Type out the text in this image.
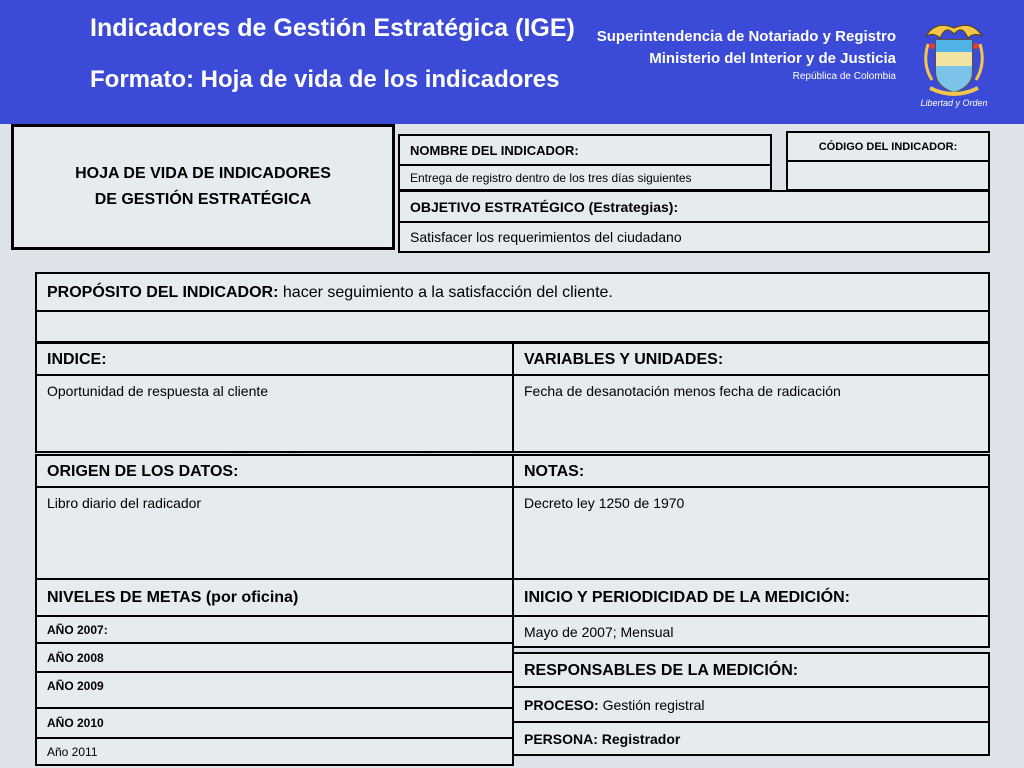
Indicadores de Gestión Estratégica (IGE)
Formato: Hoja de vida de los indicadores
Superintendencia de Notariado y Registro
Ministerio del Interior y de Justicia
República de Colombia
Libertad y Orden
HOJA DE VIDA DE INDICADORES
DE GESTIÓN ESTRATÉGICA	OBJETIVO ESTRATÉGICO (Estrategias):
Satisfacer los requerimientos del ciudadano
NOMBRE DEL INDICADOR:
Entrega de registro dentro de los tres días siguientes
CÓDIGO DEL INDICADOR:
PROPÓSITO DEL INDICADOR:
hacer seguimiento a la satisfacción del cliente.
INDICE:
Oportunidad de respuesta al cliente
VARIABLES Y UNIDADES:
Fecha de desanotación menos fecha de radicación
ORIGEN DE LOS DATOS:
Libro diario del radicador
NOTAS:
Decreto ley 1250 de 1970
NIVELES DE METAS (por oficina)
AÑO 2007:
AÑO 2008
AÑO 2009
AÑO 2010
Año 2011
INICIO Y PERIODICIDAD DE LA MEDICIÓN:
Mayo de 2007; Mensual
RESPONSABLES DE LA MEDICIÓN:
PROCESO:
Gestión registral
PERSONA: Registrador
